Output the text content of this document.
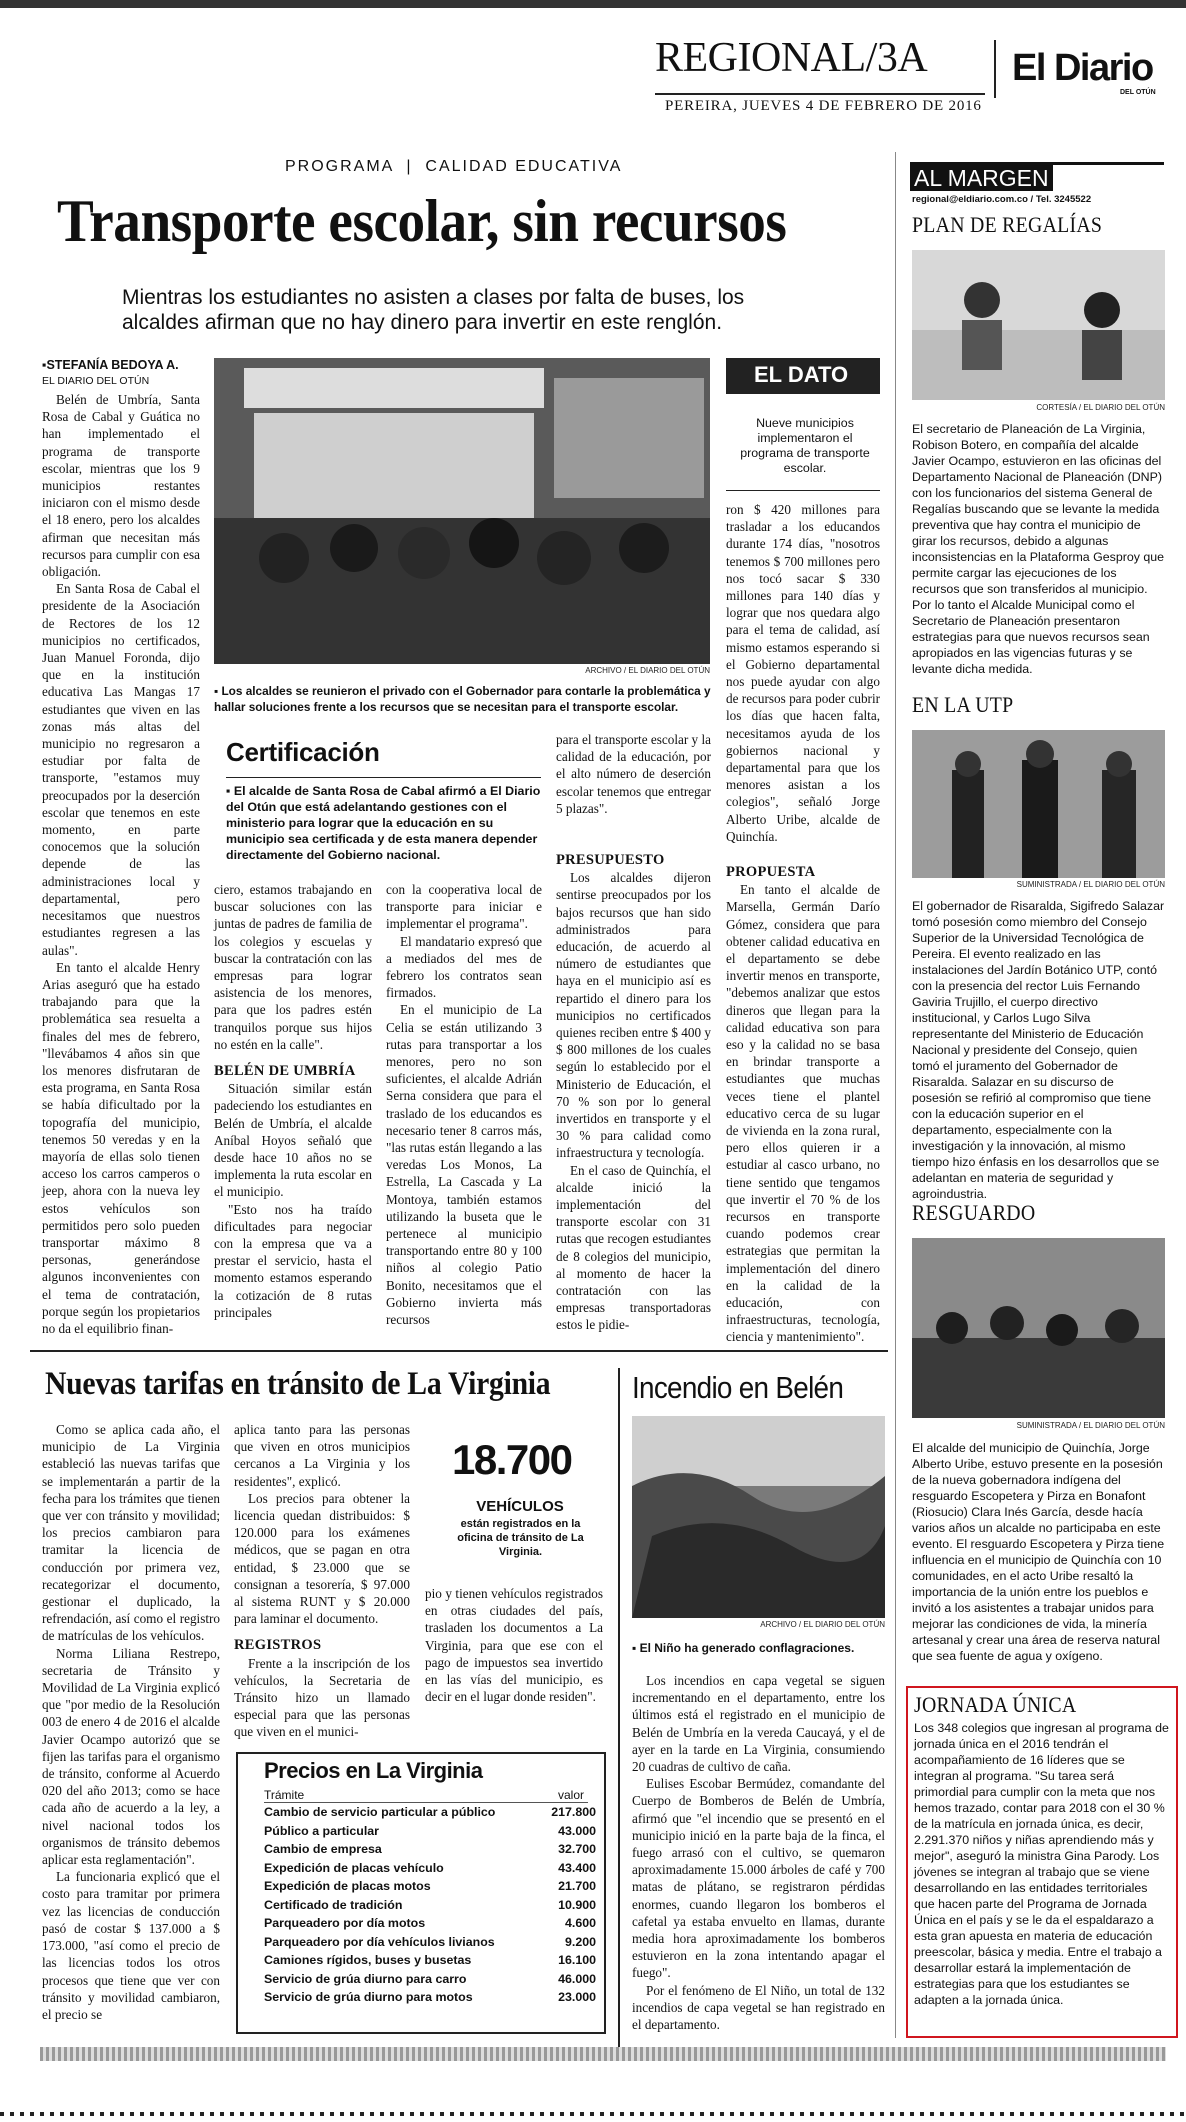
REGIONAL/3A El Diario
DEL OTÚN
PEREIRA, JUEVES 4 DE FEBRERO DE 2016
PROGRAMA  |  CALIDAD EDUCATIVA
Transporte escolar, sin recursos
Mientras los estudiantes no asisten a clases por falta de buses, los alcaldes afirman que no hay dinero para invertir en este renglón.
▪STEFANÍA BEDOYA A.
EL DIARIO DEL OTÚN

Belén de Umbría, Santa Rosa de Cabal y Guática no han implementado el programa de transporte escolar, mientras que los 9 municipios restantes iniciaron con el mismo desde el 18 enero, pero los alcaldes afirman que necesitan más recursos para cumplir con esa obligación.

En Santa Rosa de Cabal el presidente de la Asociación de Rectores de los 12 municipios no certificados, Juan Manuel Foronda, dijo que en la institución educativa Las Mangas 17 estudiantes que viven en las zonas más altas del municipio no regresaron a estudiar por falta de transporte, "estamos muy preocupados por la deserción escolar que tenemos en este momento, en parte conocemos que la solución depende de las administraciones local y departamental, pero necesitamos que nuestros estudiantes regresen a las aulas".

En tanto el alcalde Henry Arias aseguró que ha estado trabajando para que la problemática sea resuelta a finales del mes de febrero, "llevábamos 4 años sin que los menores disfrutaran de esta programa, en Santa Rosa se había dificultado por la topografía del municipio, tenemos 50 veredas y en la mayoría de ellas solo tienen acceso los carros camperos o jeep, ahora con la nueva ley estos vehículos son permitidos pero solo pueden transportar máximo 8 personas, generándose algunos inconvenientes con el tema de contratación, porque según los propietarios no da el equilibrio finan-

ARCHIVO / EL DIARIO DEL OTÚN
▪ Los alcaldes se reunieron el privado con el Gobernador para contarle la problemática y hallar soluciones frente a los recursos que se necesitan para el transporte escolar.
EL DATO
Nueve municipios implementaron el programa de transporte escolar.

ron $ 420 millones para trasladar a los educandos durante 174 días, "nosotros tenemos $ 700 millones pero nos tocó sacar $ 330 millones para 140 días y lograr que nos quedara algo para el tema de calidad, así mismo estamos esperando si el Gobierno departamental nos puede ayudar con algo de recursos para poder cubrir los días que hacen falta, necesitamos ayuda de los gobiernos nacional y departamental para que los menores asistan a los colegios", señaló Jorge Alberto Uribe, alcalde de Quinchía.

Certificación
▪ El alcalde de Santa Rosa de Cabal afirmó a El Diario del Otún que está adelantando gestiones con el ministerio para lograr que la educación en su municipio sea certificada y de esta manera depender directamente del Gobierno nacional.

para el transporte escolar y la calidad de la educación, por el alto número de deserción escolar tenemos que entregar 5 plazas".

PRESUPUESTO

Los alcaldes dijeron sentirse preocupados por los bajos recursos que han sido administrados para educación, de acuerdo al número de estudiantes que haya en el municipio así es repartido el dinero para los municipios no certificados quienes reciben entre $ 400 y $ 800 millones de los cuales según lo establecido por el Ministerio de Educación, el 70 % son por lo general invertidos en transporte y el 30 % para calidad como infraestructura y tecnología.

En el caso de Quinchía, el alcalde inició la implementación del transporte escolar con 31 rutas que recogen estudiantes de 8 colegios del municipio, al momento de hacer la contratación con las empresas transportadoras estos le pidie-

PROPUESTA

En tanto el alcalde de Marsella, Germán Darío Gómez, considera que para obtener calidad educativa en el departamento se debe invertir menos en transporte, "debemos analizar que estos dineros que llegan para la calidad educativa son para eso y la calidad no se basa en brindar transporte a estudiantes que muchas veces tiene el plantel educativo cerca de su lugar de vivienda en la zona rural, pero ellos quieren ir a estudiar al casco urbano, no tiene sentido que tengamos que invertir el 70 % de los recursos en transporte cuando podemos crear estrategias que permitan la implementación del dinero en la calidad de la educación, con infraestructuras, tecnología, ciencia y mantenimiento".

ciero, estamos trabajando en buscar soluciones con las juntas de padres de familia de los colegios y escuelas y buscar la contratación con las empresas para lograr asistencia de los menores, para que los padres estén tranquilos porque sus hijos no estén en la calle".

BELÉN DE UMBRÍA

Situación similar están padeciendo los estudiantes en Belén de Umbría, el alcalde Aníbal Hoyos señaló que desde hace 10 años no se implementa la ruta escolar en el municipio.

"Esto nos ha traído dificultades para negociar con la empresa que va a prestar el servicio, hasta el momento estamos esperando la cotización de 8 rutas principales

con la cooperativa local de transporte para iniciar e implementar el programa".

El mandatario expresó que a mediados del mes de febrero los contratos sean firmados.

En el municipio de La Celia se están utilizando 3 rutas para transportar a los menores, pero no son suficientes, el alcalde Adrián Serna considera que para el traslado de los educandos es necesario tener 8 carros más, "las rutas están llegando a las veredas Los Monos, La Estrella, La Cascada y La Montoya, también estamos utilizando la buseta que le pertenece al municipio transportando entre 80 y 100 niños al colegio Patio Bonito, necesitamos que el Gobierno invierta más recursos

Nuevas tarifas en tránsito de La Virginia

Como se aplica cada año, el municipio de La Virginia estableció las nuevas tarifas que se implementarán a partir de la fecha para los trámites que tienen que ver con tránsito y movilidad; los precios cambiaron para tramitar la licencia de conducción por primera vez, recategorizar el documento, gestionar el duplicado, la refrendación, así como el registro de matrículas de los vehículos.

Norma Liliana Restrepo, secretaria de Tránsito y Movilidad de La Virginia explicó que "por medio de la Resolución 003 de enero 4 de 2016 el alcalde Javier Ocampo autorizó que se fijen las tarifas para el organismo de tránsito, conforme al Acuerdo 020 del año 2013; como se hace cada año de acuerdo a la ley, a nivel nacional todos los organismos de tránsito debemos aplicar esta reglamentación".

La funcionaria explicó que el costo para tramitar por primera vez las licencias de conducción pasó de costar $ 137.000 a $ 173.000, "así como el precio de las licencias todos los otros procesos que tiene que ver con tránsito y movilidad cambiaron, el precio se

aplica tanto para las personas que viven en otros municipios cercanos a La Virginia y los residentes", explicó.

Los precios para obtener la licencia quedan distribuidos: $ 120.000 para los exámenes médicos, que se pagan en otra entidad, $ 23.000 que se consignan a tesorería, $ 97.000 al sistema RUNT y $ 20.000 para laminar el documento.

REGISTROS

Frente a la inscripción de los vehículos, la Secretaria de Tránsito hizo un llamado especial para que las personas que viven en el munici-

18.700
VEHÍCULOS
están registrados en la oficina de tránsito de La Virginia.

pio y tienen vehículos registrados en otras ciudades del país, trasladen los documentos a La Virginia, para que ese con el pago de impuestos sea invertido en las vías del municipio, es decir en el lugar donde residen".

Precios en La Virginia
Trámite	valor
Cambio de servicio particular a público	217.800
Público a particular	43.000
Cambio de empresa	32.700
Expedición de placas vehículo	43.400
Expedición de placas motos	21.700
Certificado de tradición	10.900
Parqueadero por día motos	4.600
Parqueadero por día vehículos livianos	9.200
Camiones rígidos, buses y busetas	16.100
Servicio de grúa diurno para carro	46.000
Servicio de grúa diurno para motos	23.000
Incendio en Belén
ARCHIVO / EL DIARIO DEL OTÚN
▪ El Niño ha generado conflagraciones.

Los incendios en capa vegetal se siguen incrementando en el departamento, entre los últimos está el registrado en el municipio de Belén de Umbría en la vereda Caucayá, y el de ayer en la tarde en La Virginia, consumiendo 20 cuadras de cultivo de caña.

Eulises Escobar Bermúdez, comandante del Cuerpo de Bomberos de Belén de Umbría, afirmó que "el incendio que se presentó en el municipio inició en la parte baja de la finca, el fuego arrasó con el cultivo, se quemaron aproximadamente 15.000 árboles de café y 700 matas de plátano, se registraron pérdidas enormes, cuando llegaron los bomberos el cafetal ya estaba envuelto en llamas, durante media hora aproximadamente los bomberos estuvieron en la zona intentando apagar el fuego".

Por el fenómeno de El Niño, un total de 132 incendios de capa vegetal se han registrado en el departamento.

AL MARGEN
regional@eldiario.com.co / Tel. 3245522
PLAN DE REGALÍAS
CORTESÍA / EL DIARIO DEL OTÚN
El secretario de Planeación de La Virginia, Robison Botero, en compañía del alcalde Javier Ocampo, estuvieron en las oficinas del Departamento Nacional de Planeación (DNP) con los funcionarios del sistema General de Regalías buscando que se levante la medida preventiva que hay contra el municipio de girar los recursos, debido a algunas inconsistencias en la Plataforma Gesproy que permite cargar las ejecuciones de los recursos que son transferidos al municipio. Por lo tanto el Alcalde Municipal como el Secretario de Planeación presentaron estrategias para que nuevos recursos sean apropiados en las vigencias futuras y se levante dicha medida.
EN LA UTP
SUMINISTRADA / EL DIARIO DEL OTÚN
El gobernador de Risaralda, Sigifredo Salazar tomó posesión como miembro del Consejo Superior de la Universidad Tecnológica de Pereira. El evento realizado en las instalaciones del Jardín Botánico UTP, contó con la presencia del rector Luis Fernando Gaviria Trujillo, el cuerpo directivo institucional, y Carlos Lugo Silva representante del Ministerio de Educación Nacional y presidente del Consejo, quien tomó el juramento del Gobernador de Risaralda. Salazar en su discurso de posesión se refirió al compromiso que tiene con la educación superior en el departamento, especialmente con la investigación y la innovación, al mismo tiempo hizo énfasis en los desarrollos que se adelantan en materia de seguridad y agroindustria.
RESGUARDO
SUMINISTRADA / EL DIARIO DEL OTÚN
El alcalde del municipio de Quinchía, Jorge Alberto Uribe, estuvo presente en la posesión de la nueva gobernadora indígena del resguardo Escopetera y Pirza en Bonafont (Riosucio) Clara Inés García, desde hacía varios años un alcalde no participaba en este evento. El resguardo Escopetera y Pirza tiene influencia en el municipio de Quinchía con 10 comunidades, en el acto Uribe resaltó la importancia de la unión entre los pueblos e invitó a los asistentes a trabajar unidos para mejorar las condiciones de vida, la minería artesanal y crear una área de reserva natural que sea fuente de agua y oxígeno.
JORNADA ÚNICA
Los 348 colegios que ingresan al programa de jornada única en el 2016 tendrán el acompañamiento de 16 líderes que se integran al programa. "Su tarea será primordial para cumplir con la meta que nos hemos trazado, contar para 2018 con el 30 % de la matrícula en jornada única, es decir, 2.291.370 niños y niñas aprendiendo más y mejor", aseguró la ministra Gina Parody. Los jóvenes se integran al trabajo que se viene desarrollando en las entidades territoriales que hacen parte del Programa de Jornada Única en el país y se le da el espaldarazo a esta gran apuesta en materia de educación preescolar, básica y media. Entre el trabajo a desarrollar estará la implementación de estrategias para que los estudiantes se adapten a la jornada única.
